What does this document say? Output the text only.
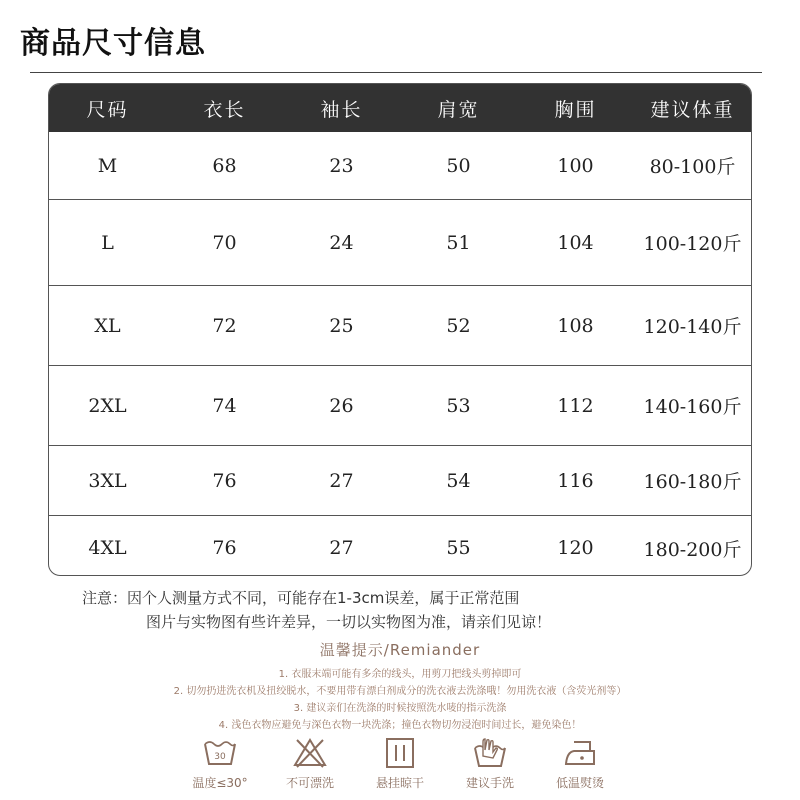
商品尺寸信息
尺码	衣长	袖长	肩宽	胸围	建议体重
M	68	23	50	100	80-100斤
L	70	24	51	104	100-120斤
XL	72	25	52	108	120-140斤
2XL	74	26	53	112	140-160斤
3XL	76	27	54	116	160-180斤
4XL	76	27	55	120	180-200斤
注意：因个人测量方式不同，可能存在1-3cm误差，属于正常范围
图片与实物图有些许差异，一切以实物图为准，请亲们见谅！
温馨提示/Remiander
1. 衣服末端可能有多余的线头，用剪刀把线头剪掉即可
2. 切勿扔进洗衣机及扭绞脱水，不要用带有漂白剂成分的洗衣液去洗涤哦！勿用洗衣液（含荧光剂等）
3. 建议亲们在洗涤的时候按照洗水唛的指示洗涤
4. 浅色衣物应避免与深色衣物一块洗涤；撞色衣物切勿浸泡时间过长，避免染色！
30
温度≤30°	不可漂洗	悬挂晾干	建议手洗	低温熨烫
